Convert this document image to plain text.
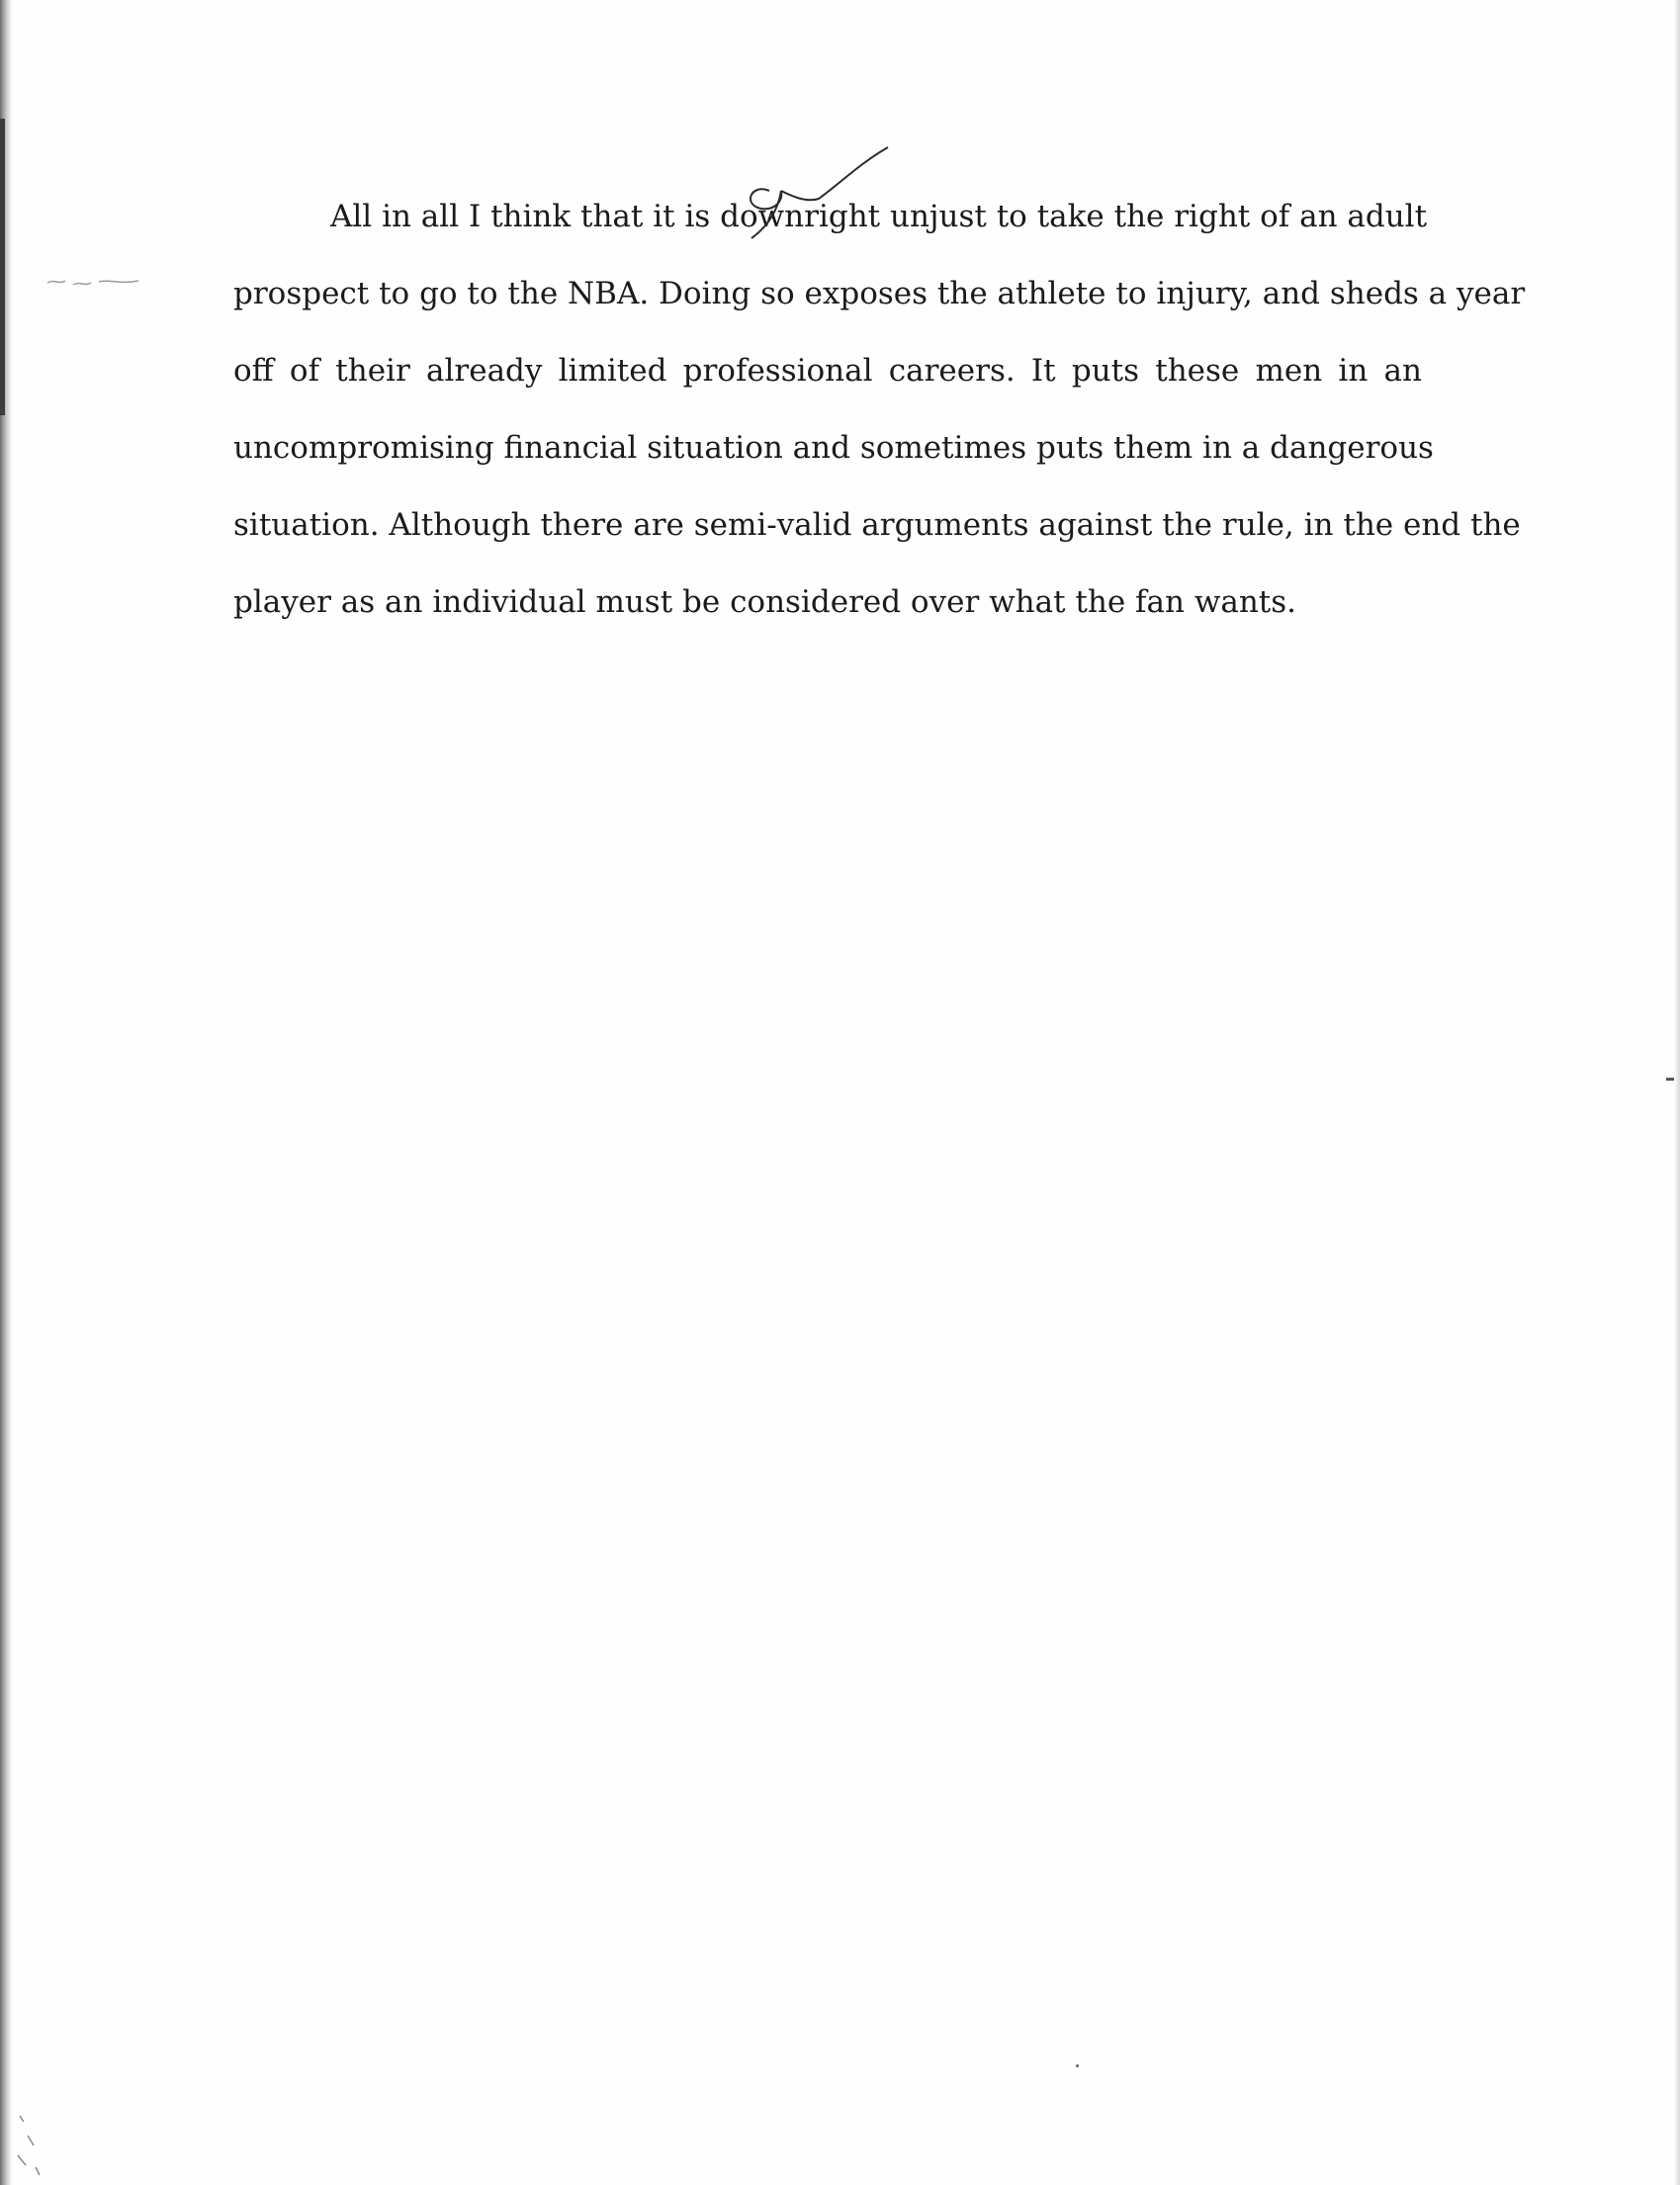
All in all I think that it is downright unjust to take the right of an adult
prospect to go to the NBA. Doing so exposes the athlete to injury, and sheds a year
off of their already limited professional careers. It puts these men in an
uncompromising financial situation and sometimes puts them in a dangerous
situation. Although there are semi-valid arguments against the rule, in the end the
player as an individual must be considered over what the fan wants.
